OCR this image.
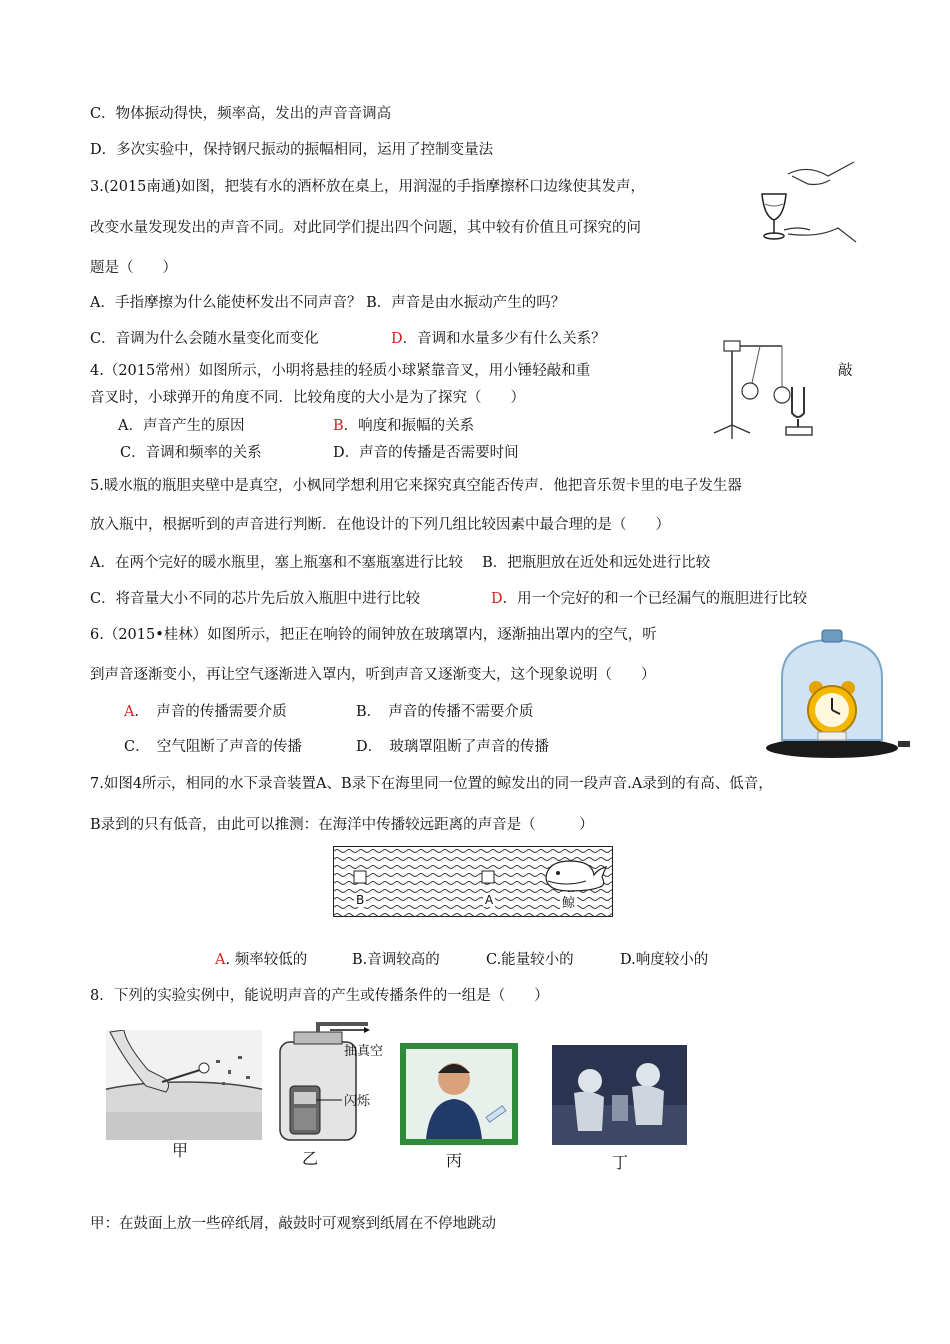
C．物体振动得快，频率高，发出的声音音调高
D．多次实验中，保持钢尺振动的振幅相同，运用了控制变量法
3.(2015南通)如图，把装有水的酒杯放在桌上，用润湿的手指摩擦杯口边缘使其发声，
改变水量发现发出的声音不同。对此同学们提出四个问题，其中较有价值且可探究的问
题是（　　）
A．手指摩擦为什么能使杯发出不同声音？ B．声音是由水振动产生的吗？
C．音调为什么会随水量变化而变化	D．音调和水量多少有什么关系？
4.（2015常州）如图所示，小明将悬挂的轻质小球紧靠音叉，用小锤轻敲和重	敲
音叉时，小球弹开的角度不同．比较角度的大小是为了探究（　　）
A．声音产生的原因	B．响度和振幅的关系
C．音调和频率的关系	D．声音的传播是否需要时间
5.暖水瓶的瓶胆夹壁中是真空，小枫同学想利用它来探究真空能否传声．他把音乐贺卡里的电子发生器
放入瓶中，根据听到的声音进行判断．在他设计的下列几组比较因素中最合理的是（　　）
A．在两个完好的暖水瓶里，塞上瓶塞和不塞瓶塞进行比较　 B．把瓶胆放在近处和远处进行比较
C．将音量大小不同的芯片先后放入瓶胆中进行比较	D．用一个完好的和一个已经漏气的瓶胆进行比较
6.（2015•桂林）如图所示，把正在响铃的闹钟放在玻璃罩内，逐渐抽出罩内的空气，听
到声音逐渐变小，再让空气逐渐进入罩内，听到声音又逐渐变大，这个现象说明（　　）
A．　声音的传播需要介质	B．　声音的传播不需要介质
C．　空气阻断了声音的传播	D．　玻璃罩阻断了声音的传播
7.如图4所示，相同的水下录音装置A、B录下在海里同一位置的鲸发出的同一段声音.A录到的有高、低音，
B录到的只有低音，由此可以推测：在海洋中传播较远距离的声音是（　　　）
A. 频率较低的	B.音调较高的	C.能量较小的	D.响度较小的
8．下列的实验实例中，能说明声音的产生或传播条件的一组是（　　）
甲：在鼓面上放一些碎纸屑，敲鼓时可观察到纸屑在不停地跳动
B	A	鲸
甲
抽真空
闪烁
乙	丙	丁
